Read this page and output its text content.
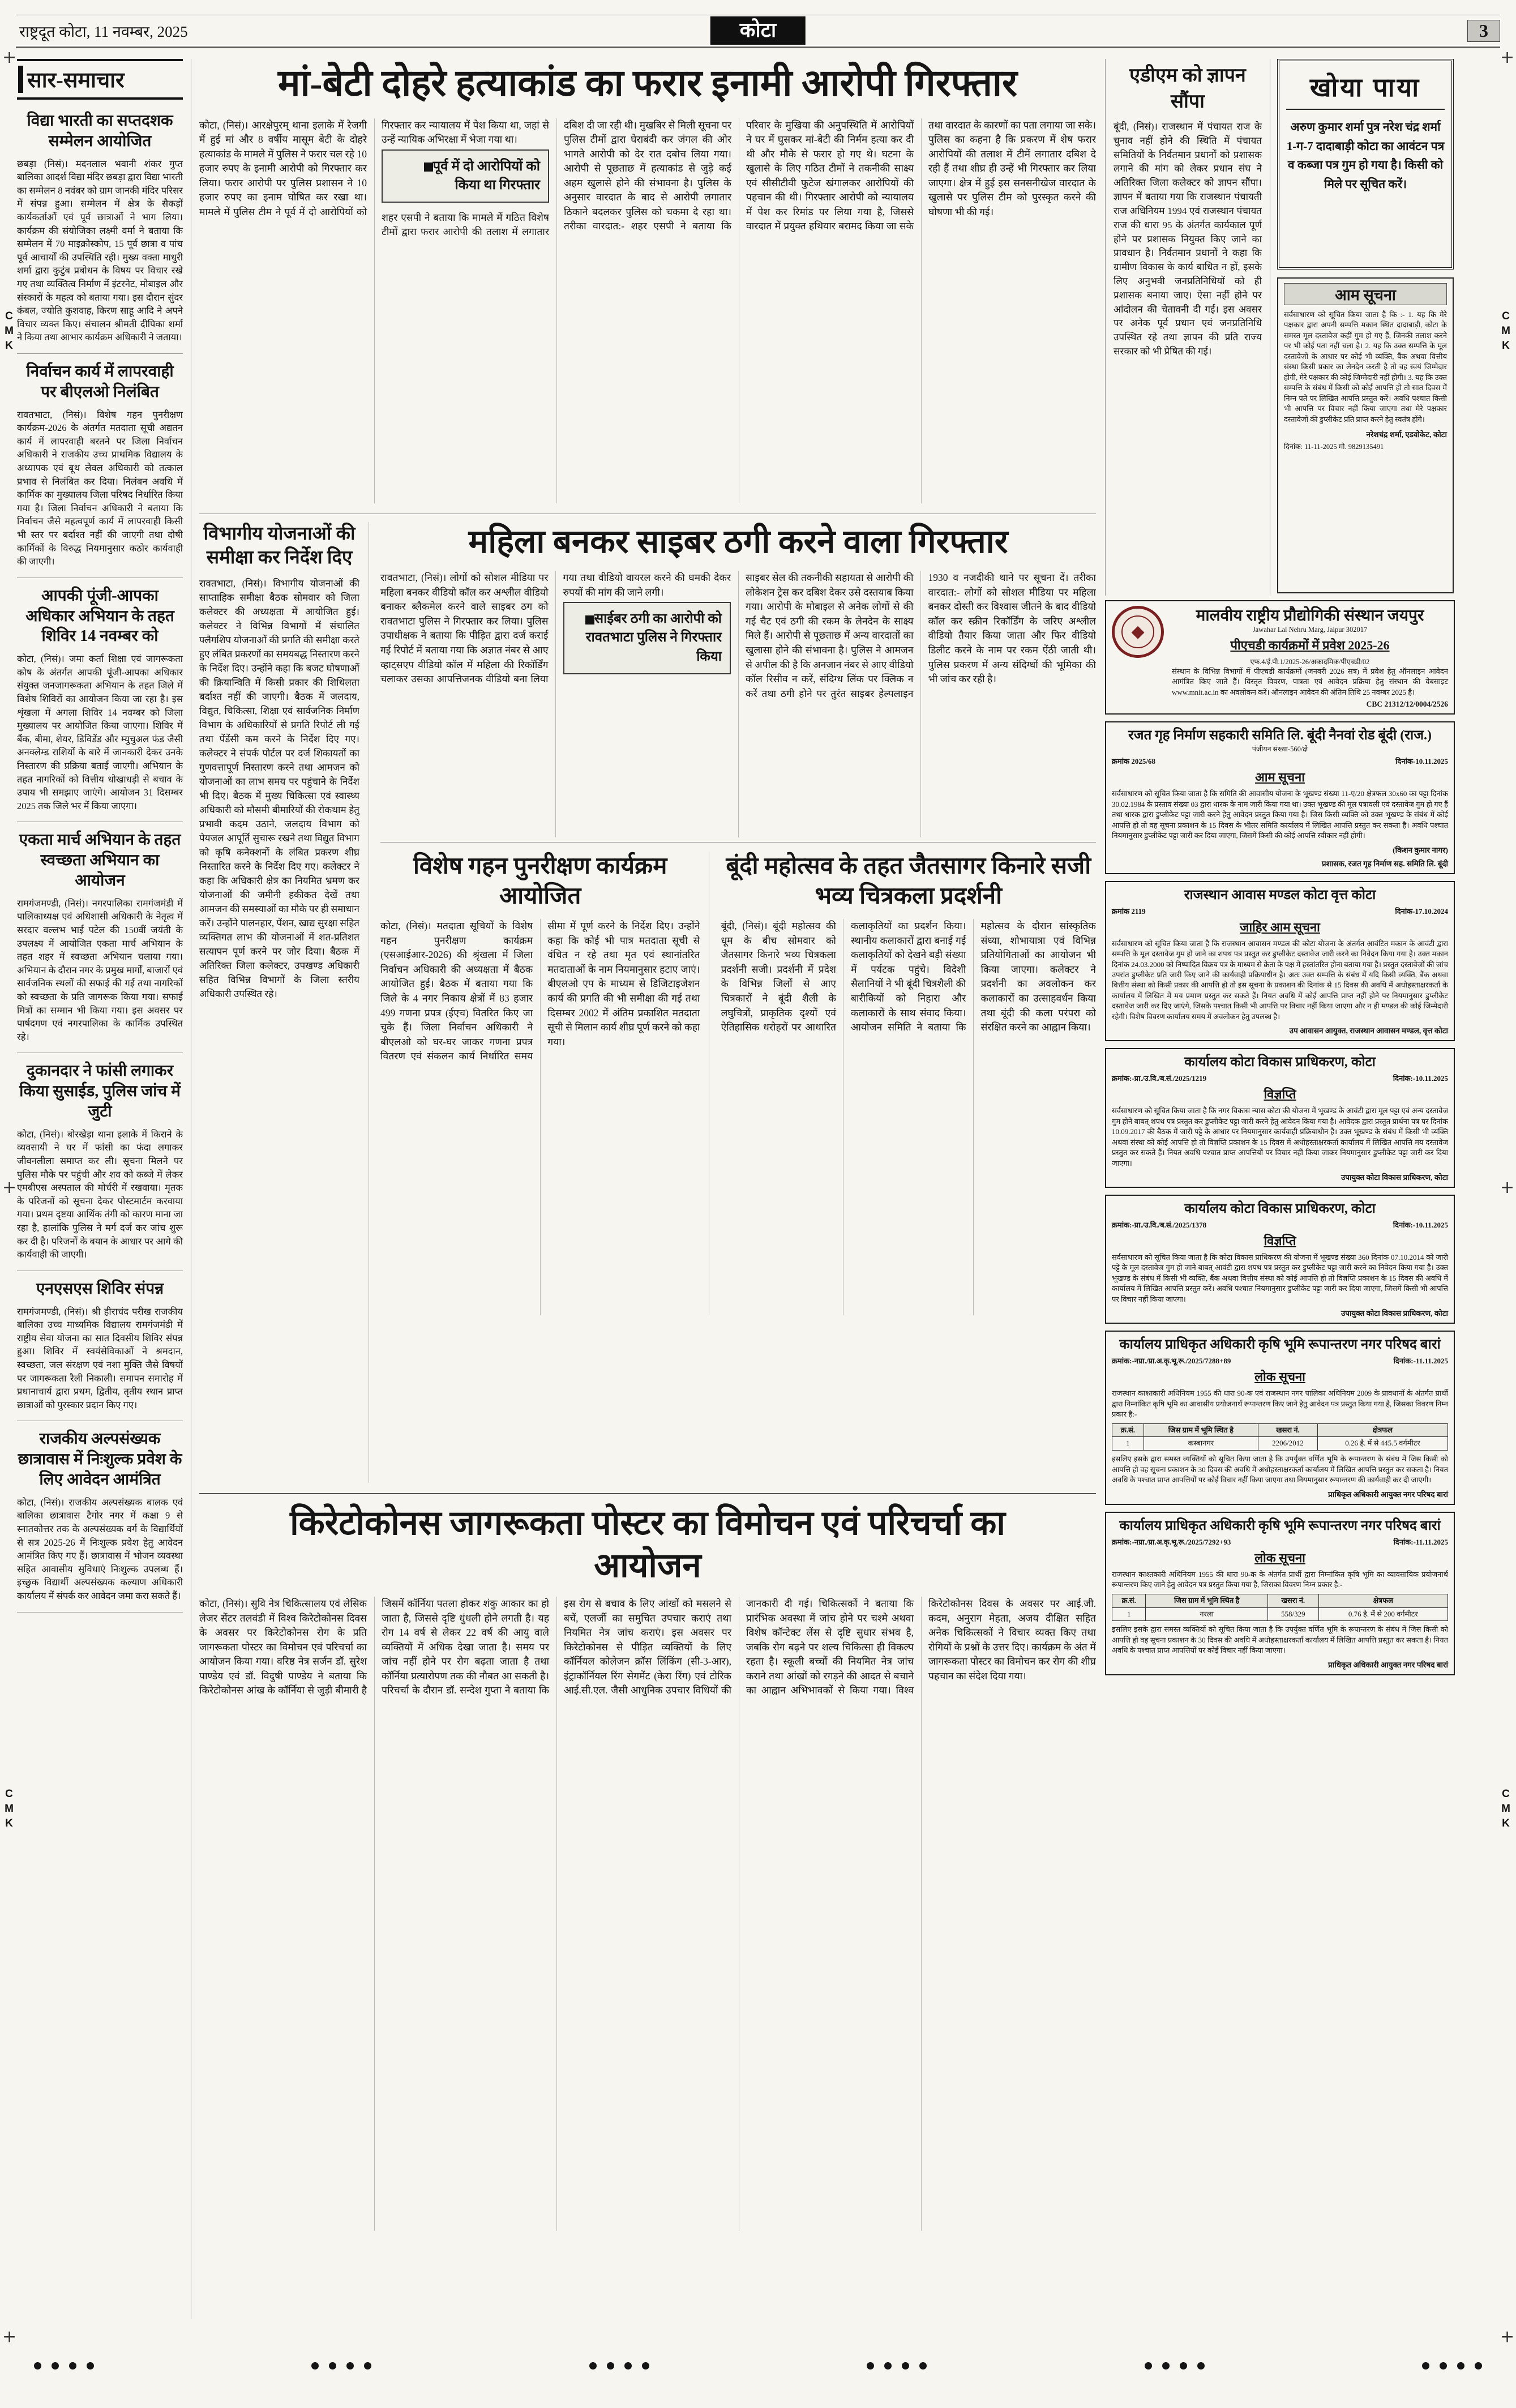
राष्ट्रदूत कोटा, 11 नवम्बर, 2025	कोटा	3
सार-समाचार
विद्या भारती का सप्तदशक सम्मेलन आयोजित

छबड़ा (निसं)। मदनलाल भवानी शंकर गुप्त बालिका आदर्श विद्या मंदिर छबड़ा द्वारा विद्या भारती का सम्मेलन 8 नवंबर को ग्राम जानकी मंदिर परिसर में संपन्न हुआ। सम्मेलन में क्षेत्र के सैकड़ों कार्यकर्ताओं एवं पूर्व छात्राओं ने भाग लिया। कार्यक्रम की संयोजिका लक्ष्मी वर्मा ने बताया कि सम्मेलन में 70 माइक्रोस्कोप, 15 पूर्व छात्रा व पांच पूर्व आचार्यों की उपस्थिति रही। मुख्य वक्ता माधुरी शर्मा द्वारा कुटुंब प्रबोधन के विषय पर विचार रखे गए तथा व्यक्तित्व निर्माण में इंटरनेट, मोबाइल और संस्कारों के महत्व को बताया गया। इस दौरान सुंदर कंबल, ज्योति कुशवाह, किरण साहू आदि ने अपने विचार व्यक्त किए। संचालन श्रीमती दीपिका शर्मा ने किया तथा आभार कार्यक्रम अधिकारी ने जताया।

निर्वाचन कार्य में लापरवाही पर बीएलओ निलंबित

रावतभाटा, (निसं)। विशेष गहन पुनरीक्षण कार्यक्रम-2026 के अंतर्गत मतदाता सूची अद्यतन कार्य में लापरवाही बरतने पर जिला निर्वाचन अधिकारी ने राजकीय उच्च प्राथमिक विद्यालय के अध्यापक एवं बूथ लेवल अधिकारी को तत्काल प्रभाव से निलंबित कर दिया। निलंबन अवधि में कार्मिक का मुख्यालय जिला परिषद निर्धारित किया गया है। जिला निर्वाचन अधिकारी ने बताया कि निर्वाचन जैसे महत्वपूर्ण कार्य में लापरवाही किसी भी स्तर पर बर्दाश्त नहीं की जाएगी तथा दोषी कार्मिकों के विरुद्ध नियमानुसार कठोर कार्यवाही की जाएगी।

आपकी पूंजी-आपका अधिकार अभियान के तहत शिविर 14 नवम्बर को

कोटा, (निसं)। जमा कर्ता शिक्षा एवं जागरूकता कोष के अंतर्गत आपकी पूंजी-आपका अधिकार संयुक्त जनजागरूकता अभियान के तहत जिले में विशेष शिविरों का आयोजन किया जा रहा है। इस शृंखला में अगला शिविर 14 नवम्बर को जिला मुख्यालय पर आयोजित किया जाएगा। शिविर में बैंक, बीमा, शेयर, डिविडेंड और म्युचुअल फंड जैसी अनक्लेम्ड राशियों के बारे में जानकारी देकर उनके निस्तारण की प्रक्रिया बताई जाएगी। अभियान के तहत नागरिकों को वित्तीय धोखाधड़ी से बचाव के उपाय भी समझाए जाएंगे। आयोजन 31 दिसम्बर 2025 तक जिले भर में किया जाएगा।

एकता मार्च अभियान के तहत स्वच्छता अभियान का आयोजन

रामगंजमण्डी, (निसं)। नगरपालिका रामगंजमंडी में पालिकाध्यक्ष एवं अधिशासी अधिकारी के नेतृत्व में सरदार वल्लभ भाई पटेल की 150वीं जयंती के उपलक्ष्य में आयोजित एकता मार्च अभियान के तहत शहर में स्वच्छता अभियान चलाया गया। अभियान के दौरान नगर के प्रमुख मार्गों, बाजारों एवं सार्वजनिक स्थलों की सफाई की गई तथा नागरिकों को स्वच्छता के प्रति जागरूक किया गया। सफाई मित्रों का सम्मान भी किया गया। इस अवसर पर पार्षदगण एवं नगरपालिका के कार्मिक उपस्थित रहे।

दुकानदार ने फांसी लगाकर किया सुसाईड, पुलिस जांच में जुटी

कोटा, (निसं)। बोरखेड़ा थाना इलाके में किराने के व्यवसायी ने घर में फांसी का फंदा लगाकर जीवनलीला समाप्त कर ली। सूचना मिलने पर पुलिस मौके पर पहुंची और शव को कब्जे में लेकर एमबीएस अस्पताल की मोर्चरी में रखवाया। मृतक के परिजनों को सूचना देकर पोस्टमार्टम करवाया गया। प्रथम दृष्टया आर्थिक तंगी को कारण माना जा रहा है, हालांकि पुलिस ने मर्ग दर्ज कर जांच शुरू कर दी है। परिजनों के बयान के आधार पर आगे की कार्यवाही की जाएगी।

एनएसएस शिविर संपन्न

रामगंजमण्डी, (निसं)। श्री हीराचंद परीख राजकीय बालिका उच्च माध्यमिक विद्यालय रामगंजमंडी में राष्ट्रीय सेवा योजना का सात दिवसीय शिविर संपन्न हुआ। शिविर में स्वयंसेविकाओं ने श्रमदान, स्वच्छता, जल संरक्षण एवं नशा मुक्ति जैसे विषयों पर जागरूकता रैली निकाली। समापन समारोह में प्रधानाचार्य द्वारा प्रथम, द्वितीय, तृतीय स्थान प्राप्त छात्राओं को पुरस्कार प्रदान किए गए।

राजकीय अल्पसंख्यक छात्रावास में निःशुल्क प्रवेश के लिए आवेदन आमंत्रित

कोटा, (निसं)। राजकीय अल्पसंख्यक बालक एवं बालिका छात्रावास टैगोर नगर में कक्षा 9 से स्नातकोत्तर तक के अल्पसंख्यक वर्ग के विद्यार्थियों से सत्र 2025-26 में निःशुल्क प्रवेश हेतु आवेदन आमंत्रित किए गए हैं। छात्रावास में भोजन व्यवस्था सहित आवासीय सुविधाएं निःशुल्क उपलब्ध हैं। इच्छुक विद्यार्थी अल्पसंख्यक कल्याण अधिकारी कार्यालय में संपर्क कर आवेदन जमा करा सकते हैं।

मां-बेटी दोहरे हत्याकांड का फरार इनामी आरोपी गिरफ्तार

कोटा, (निसं)। आरक्षेपुरम् थाना इलाके में रेजगी में हुई मां और 8 वर्षीय मासूम बेटी के दोहरे हत्याकांड के मामले में पुलिस ने फरार चल रहे 10 हजार रुपए के इनामी आरोपी को गिरफ्तार कर लिया। फरार आरोपी पर पुलिस प्रशासन ने 10 हजार रुपए का इनाम घोषित कर रखा था। मामले में पुलिस टीम ने पूर्व में दो आरोपियों को गिरफ्तार कर न्यायालय में पेश किया था, जहां से उन्हें न्यायिक अभिरक्षा में भेजा गया था।

पूर्व में दो आरोपियों को किया था गिरफ्तार

शहर एसपी ने बताया कि मामले में गठित विशेष टीमों द्वारा फरार आरोपी की तलाश में लगातार दबिश दी जा रही थी। मुखबिर से मिली सूचना पर पुलिस टीमों द्वारा घेराबंदी कर जंगल की ओर भागते आरोपी को देर रात दबोच लिया गया। आरोपी से पूछताछ में हत्याकांड से जुड़े कई अहम खुलासे होने की संभावना है। पुलिस के अनुसार वारदात के बाद से आरोपी लगातार ठिकाने बदलकर पुलिस को चकमा दे रहा था। तरीका वारदात:- शहर एसपी ने बताया कि परिवार के मुखिया की अनुपस्थिति में आरोपियों ने घर में घुसकर मां-बेटी की निर्मम हत्या कर दी थी और मौके से फरार हो गए थे। घटना के खुलासे के लिए गठित टीमों ने तकनीकी साक्ष्य एवं सीसीटीवी फुटेज खंगालकर आरोपियों की पहचान की थी। गिरफ्तार आरोपी को न्यायालय में पेश कर रिमांड पर लिया गया है, जिससे वारदात में प्रयुक्त हथियार बरामद किया जा सके तथा वारदात के कारणों का पता लगाया जा सके। पुलिस का कहना है कि प्रकरण में शेष फरार आरोपियों की तलाश में टीमें लगातार दबिश दे रही हैं तथा शीघ्र ही उन्हें भी गिरफ्तार कर लिया जाएगा। क्षेत्र में हुई इस सनसनीखेज वारदात के खुलासे पर पुलिस टीम को पुरस्कृत करने की घोषणा भी की गई।

विभागीय योजनाओं की समीक्षा कर निर्देश दिए
रावतभाटा, (निसं)। विभागीय योजनाओं की साप्ताहिक समीक्षा बैठक सोमवार को जिला कलेक्टर की अध्यक्षता में आयोजित हुई। कलेक्टर ने विभिन्न विभागों में संचालित फ्लैगशिप योजनाओं की प्रगति की समीक्षा करते हुए लंबित प्रकरणों का समयबद्ध निस्तारण करने के निर्देश दिए। उन्होंने कहा कि बजट घोषणाओं की क्रियान्विति में किसी प्रकार की शिथिलता बर्दाश्त नहीं की जाएगी। बैठक में जलदाय, विद्युत, चिकित्सा, शिक्षा एवं सार्वजनिक निर्माण विभाग के अधिकारियों से प्रगति रिपोर्ट ली गई तथा पेंडेंसी कम करने के निर्देश दिए गए। कलेक्टर ने संपर्क पोर्टल पर दर्ज शिकायतों का गुणवत्तापूर्ण निस्तारण करने तथा आमजन को योजनाओं का लाभ समय पर पहुंचाने के निर्देश भी दिए। बैठक में मुख्य चिकित्सा एवं स्वास्थ्य अधिकारी को मौसमी बीमारियों की रोकथाम हेतु प्रभावी कदम उठाने, जलदाय विभाग को पेयजल आपूर्ति सुचारू रखने तथा विद्युत विभाग को कृषि कनेक्शनों के लंबित प्रकरण शीघ्र निस्तारित करने के निर्देश दिए गए। कलेक्टर ने कहा कि अधिकारी क्षेत्र का नियमित भ्रमण कर योजनाओं की जमीनी हकीकत देखें तथा आमजन की समस्याओं का मौके पर ही समाधान करें। उन्होंने पालनहार, पेंशन, खाद्य सुरक्षा सहित व्यक्तिगत लाभ की योजनाओं में शत-प्रतिशत सत्यापन पूर्ण करने पर जोर दिया। बैठक में अतिरिक्त जिला कलेक्टर, उपखण्ड अधिकारी सहित विभिन्न विभागों के जिला स्तरीय अधिकारी उपस्थित रहे।
महिला बनकर साइबर ठगी करने वाला गिरफ्तार

रावतभाटा, (निसं)। लोगों को सोशल मीडिया पर महिला बनकर वीडियो कॉल कर अश्लील वीडियो बनाकर ब्लैकमेल करने वाले साइबर ठग को रावतभाटा पुलिस ने गिरफ्तार कर लिया। पुलिस उपाधीक्षक ने बताया कि पीड़ित द्वारा दर्ज कराई गई रिपोर्ट में बताया गया कि अज्ञात नंबर से आए व्हाट्सएप वीडियो कॉल में महिला की रिकॉर्डिंग चलाकर उसका आपत्तिजनक वीडियो बना लिया गया तथा वीडियो वायरल करने की धमकी देकर रुपयों की मांग की जाने लगी।

साईबर ठगी का आरोपी को रावतभाटा पुलिस ने गिरफ्तार किया

साइबर सेल की तकनीकी सहायता से आरोपी की लोकेशन ट्रेस कर दबिश देकर उसे दस्तयाब किया गया। आरोपी के मोबाइल से अनेक लोगों से की गई चैट एवं ठगी की रकम के लेनदेन के साक्ष्य मिले हैं। आरोपी से पूछताछ में अन्य वारदातों का खुलासा होने की संभावना है। पुलिस ने आमजन से अपील की है कि अनजान नंबर से आए वीडियो कॉल रिसीव न करें, संदिग्ध लिंक पर क्लिक न करें तथा ठगी होने पर तुरंत साइबर हेल्पलाइन 1930 व नजदीकी थाने पर सूचना दें। तरीका वारदात:- लोगों को सोशल मीडिया पर महिला बनकर दोस्ती कर विश्वास जीतने के बाद वीडियो कॉल कर स्क्रीन रिकॉर्डिंग के जरिए अश्लील वीडियो तैयार किया जाता और फिर वीडियो डिलीट करने के नाम पर रकम ऐंठी जाती थी। पुलिस प्रकरण में अन्य संदिग्धों की भूमिका की भी जांच कर रही है।

विशेष गहन पुनरीक्षण कार्यक्रम आयोजित
कोटा, (निसं)। मतदाता सूचियों के विशेष गहन पुनरीक्षण कार्यक्रम (एसआईआर-2026) की श्रृंखला में जिला निर्वाचन अधिकारी की अध्यक्षता में बैठक आयोजित हुई। बैठक में बताया गया कि जिले के 4 नगर निकाय क्षेत्रों में 83 हजार 499 गणना प्रपत्र (ईएच) वितरित किए जा चुके हैं। जिला निर्वाचन अधिकारी ने बीएलओ को घर-घर जाकर गणना प्रपत्र वितरण एवं संकलन कार्य निर्धारित समय सीमा में पूर्ण करने के निर्देश दिए। उन्होंने कहा कि कोई भी पात्र मतदाता सूची से वंचित न रहे तथा मृत एवं स्थानांतरित मतदाताओं के नाम नियमानुसार हटाए जाएं। बीएलओ एप के माध्यम से डिजिटाइजेशन कार्य की प्रगति की भी समीक्षा की गई तथा दिसम्बर 2002 में अंतिम प्रकाशित मतदाता सूची से मिलान कार्य शीघ्र पूर्ण करने को कहा गया।
बूंदी महोत्सव के तहत जैतसागर किनारे सजी भव्य चित्रकला प्रदर्शनी
बूंदी, (निसं)। बूंदी महोत्सव की धूम के बीच सोमवार को जैतसागर किनारे भव्य चित्रकला प्रदर्शनी सजी। प्रदर्शनी में प्रदेश के विभिन्न जिलों से आए चित्रकारों ने बूंदी शैली के लघुचित्रों, प्राकृतिक दृश्यों एवं ऐतिहासिक धरोहरों पर आधारित कलाकृतियों का प्रदर्शन किया। स्थानीय कलाकारों द्वारा बनाई गई कलाकृतियों को देखने बड़ी संख्या में पर्यटक पहुंचे। विदेशी सैलानियों ने भी बूंदी चित्रशैली की बारीकियों को निहारा और कलाकारों के साथ संवाद किया। आयोजन समिति ने बताया कि महोत्सव के दौरान सांस्कृतिक संध्या, शोभायात्रा एवं विभिन्न प्रतियोगिताओं का आयोजन भी किया जाएगा। कलेक्टर ने प्रदर्शनी का अवलोकन कर कलाकारों का उत्साहवर्धन किया तथा बूंदी की कला परंपरा को संरक्षित करने का आह्वान किया।
किरेटोकोनस जागरूकता पोस्टर का विमोचन एवं परिचर्चा का आयोजन
कोटा, (निसं)। सुवि नेत्र चिकित्सालय एवं लेसिक लेजर सेंटर तलवंडी में विश्व किरेटोकोनस दिवस के अवसर पर किरेटोकोनस रोग के प्रति जागरूकता पोस्टर का विमोचन एवं परिचर्चा का आयोजन किया गया। वरिष्ठ नेत्र सर्जन डॉ. सुरेश पाण्डेय एवं डॉ. विदुषी पाण्डेय ने बताया कि किरेटोकोनस आंख के कॉर्निया से जुड़ी बीमारी है जिसमें कॉर्निया पतला होकर शंकु आकार का हो जाता है, जिससे दृष्टि धुंधली होने लगती है। यह रोग 14 वर्ष से लेकर 22 वर्ष की आयु वाले व्यक्तियों में अधिक देखा जाता है। समय पर जांच नहीं होने पर रोग बढ़ता जाता है तथा कॉर्निया प्रत्यारोपण तक की नौबत आ सकती है। परिचर्चा के दौरान डॉ. सन्देश गुप्ता ने बताया कि इस रोग से बचाव के लिए आंखों को मसलने से बचें, एलर्जी का समुचित उपचार कराएं तथा नियमित नेत्र जांच कराएं। इस अवसर पर किरेटोकोनस से पीड़ित व्यक्तियों के लिए कॉर्नियल कोलेजन क्रॉस लिंकिंग (सी-3-आर), इंट्राकॉर्नियल रिंग सेगमेंट (केरा रिंग) एवं टोरिक आई.सी.एल. जैसी आधुनिक उपचार विधियों की जानकारी दी गई। चिकित्सकों ने बताया कि प्रारंभिक अवस्था में जांच होने पर चश्मे अथवा विशेष कॉन्टेक्ट लेंस से दृष्टि सुधार संभव है, जबकि रोग बढ़ने पर शल्य चिकित्सा ही विकल्प रहता है। स्कूली बच्चों की नियमित नेत्र जांच कराने तथा आंखों को रगड़ने की आदत से बचाने का आह्वान अभिभावकों से किया गया। विश्व किरेटोकोनस दिवस के अवसर पर आई.जी. कदम, अनुराग मेहता, अजय दीक्षित सहित अनेक चिकित्सकों ने विचार व्यक्त किए तथा रोगियों के प्रश्नों के उत्तर दिए। कार्यक्रम के अंत में जागरूकता पोस्टर का विमोचन कर रोग की शीघ्र पहचान का संदेश दिया गया।
एडीएम को ज्ञापन सौंपा

बूंदी, (निसं)। राजस्थान में पंचायत राज के चुनाव नहीं होने की स्थिति में पंचायत समितियों के निर्वतमान प्रधानों को प्रशासक लगाने की मांग को लेकर प्रधान संघ ने अतिरिक्त जिला कलेक्टर को ज्ञापन सौंपा। ज्ञापन में बताया गया कि राजस्थान पंचायती राज अधिनियम 1994 एवं राजस्थान पंचायत राज की धारा 95 के अंतर्गत कार्यकाल पूर्ण होने पर प्रशासक नियुक्त किए जाने का प्रावधान है। निर्वतमान प्रधानों ने कहा कि ग्रामीण विकास के कार्य बाधित न हों, इसके लिए अनुभवी जनप्रतिनिधियों को ही प्रशासक बनाया जाए। ऐसा नहीं होने पर आंदोलन की चेतावनी दी गई। इस अवसर पर अनेक पूर्व प्रधान एवं जनप्रतिनिधि उपस्थित रहे तथा ज्ञापन की प्रति राज्य सरकार को भी प्रेषित की गई।

खोया पाया
अरुण कुमार शर्मा पुत्र नरेश चंद्र शर्मा 1-ग-7 दादाबाड़ी कोटा का आवंटन पत्र व कब्जा पत्र गुम हो गया है। किसी को मिले पर सूचित करें।
आम सूचना
सर्वसाधारण को सूचित किया जाता है कि :- 1. यह कि मेरे पक्षकार द्वारा अपनी सम्पत्ति मकान स्थित दादाबाड़ी, कोटा के समस्त मूल दस्तावेज कहीं गुम हो गए हैं, जिनकी तलाश करने पर भी कोई पता नहीं चला है। 2. यह कि उक्त सम्पत्ति के मूल दस्तावेजों के आधार पर कोई भी व्यक्ति, बैंक अथवा वित्तीय संस्था किसी प्रकार का लेनदेन करती है तो वह स्वयं जिम्मेदार होगी, मेरे पक्षकार की कोई जिम्मेदारी नहीं होगी। 3. यह कि उक्त सम्पत्ति के संबंध में किसी को कोई आपत्ति हो तो सात दिवस में निम्न पते पर लिखित आपत्ति प्रस्तुत करें। अवधि पश्चात किसी भी आपत्ति पर विचार नहीं किया जाएगा तथा मेरे पक्षकार दस्तावेजों की डुप्लीकेट प्रति प्राप्त करने हेतु स्वतंत्र होंगे।
नरेशचंद्र शर्मा, एडवोकेट, कोटा
दिनांक: 11-11-2025 मो. 9829135491
◆
मालवीय राष्ट्रीय प्रौद्योगिकी संस्थान जयपुर
Jawahar Lal Nehru Marg, Jaipur 302017
पीएचडी कार्यक्रमों में प्रवेश 2025-26
एफ.4/ई.पी.1/2025-26/अकादमिक/पीएचडी/02
संस्थान के विभिन्न विभागों में पीएचडी कार्यक्रमों (जनवरी 2026 सत्र) में प्रवेश हेतु ऑनलाइन आवेदन आमंत्रित किए जाते हैं। विस्तृत विवरण, पात्रता एवं आवेदन प्रक्रिया हेतु संस्थान की वेबसाइट www.mnit.ac.in का अवलोकन करें। ऑनलाइन आवेदन की अंतिम तिथि 25 नवम्बर 2025 है।
CBC 21312/12/0004/2526
रजत गृह निर्माण सहकारी समिति लि. बूंदी नैनवां रोड बूंदी (राज.)
पंजीयन संख्या-560/क्षे
क्रमांक 2025/68	दिनांक-10.11.2025
आम सूचना
सर्वसाधारण को सूचित किया जाता है कि समिति की आवासीय योजना के भूखण्ड संख्या 11-ए/20 क्षेत्रफल 30x60 का पट्टा दिनांक 30.02.1984 के प्रस्ताव संख्या 03 द्वारा धारक के नाम जारी किया गया था। उक्त भूखण्ड की मूल पत्रावली एवं दस्तावेज गुम हो गए हैं तथा धारक द्वारा डुप्लीकेट पट्टा जारी करने हेतु आवेदन प्रस्तुत किया गया है। जिस किसी व्यक्ति को उक्त भूखण्ड के संबंध में कोई आपत्ति हो तो वह सूचना प्रकाशन के 15 दिवस के भीतर समिति कार्यालय में लिखित आपत्ति प्रस्तुत कर सकता है। अवधि पश्चात नियमानुसार डुप्लीकेट पट्टा जारी कर दिया जाएगा, जिसमें किसी की कोई आपत्ति स्वीकार नहीं होगी।
(किशन कुमार नागर)
प्रशासक, रजत गृह निर्माण सह. समिति लि. बूंदी
राजस्थान आवास मण्डल कोटा वृत्त कोटा
क्रमांक 2119	दिनांक-17.10.2024
जाहिर आम सूचना
सर्वसाधारण को सूचित किया जाता है कि राजस्थान आवासन मण्डल की कोटा योजना के अंतर्गत आवंटित मकान के आवंटी द्वारा सम्पत्ति के मूल दस्तावेज गुम हो जाने का शपथ पत्र प्रस्तुत कर डुप्लीकेट दस्तावेज जारी करने का निवेदन किया गया है। उक्त मकान दिनांक 24.03.2000 को निष्पादित विक्रय पत्र के माध्यम से क्रेता के पक्ष में हस्तांतरित होना बताया गया है। प्रस्तुत दस्तावेजों की जांच उपरांत डुप्लीकेट प्रति जारी किए जाने की कार्यवाही प्रक्रियाधीन है। अतः उक्त सम्पत्ति के संबंध में यदि किसी व्यक्ति, बैंक अथवा वित्तीय संस्था को किसी प्रकार की आपत्ति हो तो इस सूचना के प्रकाशन की दिनांक से 15 दिवस की अवधि में अधोहस्ताक्षरकर्ता के कार्यालय में लिखित में मय प्रमाण प्रस्तुत कर सकते हैं। नियत अवधि में कोई आपत्ति प्राप्त नहीं होने पर नियमानुसार डुप्लीकेट दस्तावेज जारी कर दिए जाएंगे, जिसके पश्चात किसी भी आपत्ति पर विचार नहीं किया जाएगा और न ही मण्डल की कोई जिम्मेदारी रहेगी। विशेष विवरण कार्यालय समय में अवलोकन हेतु उपलब्ध है।
उप आवासन आयुक्त, राजस्थान आवासन मण्डल, वृत्त कोटा
कार्यालय कोटा विकास प्राधिकरण, कोटा
क्रमांक:-प्रा./उ.वि./ब.सं./2025/1219	दिनांक:-10.11.2025
विज्ञप्ति
सर्वसाधारण को सूचित किया जाता है कि नगर विकास न्यास कोटा की योजना में भूखण्ड के आवंटी द्वारा मूल पट्टा एवं अन्य दस्तावेज गुम होने बाबत् शपथ पत्र प्रस्तुत कर डुप्लीकेट पट्टा जारी करने हेतु आवेदन किया गया है। आवेदक द्वारा प्रस्तुत प्रार्थना पत्र पर दिनांक 10.09.2017 की बैठक में जारी पट्टे के आधार पर नियमानुसार कार्यवाही प्रक्रियाधीन है। उक्त भूखण्ड के संबंध में किसी भी व्यक्ति अथवा संस्था को कोई आपत्ति हो तो विज्ञप्ति प्रकाशन के 15 दिवस में अधोहस्ताक्षरकर्ता कार्यालय में लिखित आपत्ति मय दस्तावेज प्रस्तुत कर सकते हैं। नियत अवधि पश्चात प्राप्त आपत्तियों पर विचार नहीं किया जाकर नियमानुसार डुप्लीकेट पट्टा जारी कर दिया जाएगा।
उपायुक्त कोटा विकास प्राधिकरण, कोटा
कार्यालय कोटा विकास प्राधिकरण, कोटा
क्रमांक:-प्रा./उ.वि./ब.सं./2025/1378	दिनांक:-10.11.2025
विज्ञप्ति
सर्वसाधारण को सूचित किया जाता है कि कोटा विकास प्राधिकरण की योजना में भूखण्ड संख्या 360 दिनांक 07.10.2014 को जारी पट्टे के मूल दस्तावेज गुम हो जाने बाबत् आवंटी द्वारा शपथ पत्र प्रस्तुत कर डुप्लीकेट पट्टा जारी करने का निवेदन किया गया है। उक्त भूखण्ड के संबंध में किसी भी व्यक्ति, बैंक अथवा वित्तीय संस्था को कोई आपत्ति हो तो विज्ञप्ति प्रकाशन के 15 दिवस की अवधि में कार्यालय में लिखित आपत्ति प्रस्तुत करें। अवधि पश्चात नियमानुसार डुप्लीकेट पट्टा जारी कर दिया जाएगा, जिसमें किसी भी आपत्ति पर विचार नहीं किया जाएगा।
उपायुक्त कोटा विकास प्राधिकरण, कोटा
कार्यालय प्राधिकृत अधिकारी कृषि भूमि रूपान्तरण नगर परिषद बारां
क्रमांक:-नप्रा./प्रा.अ.कृ.भू.रू./2025/7288+89	दिनांक:-11.11.2025
लोक सूचना
राजस्थान काश्तकारी अधिनियम 1955 की धारा 90-क एवं राजस्थान नगर पालिका अधिनियम 2009 के प्रावधानों के अंतर्गत प्रार्थी द्वारा निम्नांकित कृषि भूमि का आवासीय प्रयोजनार्थ रूपान्तरण किए जाने हेतु आवेदन पत्र प्रस्तुत किया गया है, जिसका विवरण निम्न प्रकार है:-
क्र.सं.	जिस ग्राम में भूमि स्थित है	खसरा नं.	क्षेत्रफल
1	कस्बानगर	2206/2012	0.26 है. में से 445.5 वर्गमीटर
इसलिए इसके द्वारा समस्त व्यक्तियों को सूचित किया जाता है कि उपर्युक्त वर्णित भूमि के रूपान्तरण के संबंध में जिस किसी को आपत्ति हो वह सूचना प्रकाशन के 30 दिवस की अवधि में अधोहस्ताक्षरकर्ता कार्यालय में लिखित आपत्ति प्रस्तुत कर सकता है। नियत अवधि के पश्चात प्राप्त आपत्तियों पर कोई विचार नहीं किया जाएगा तथा नियमानुसार रूपान्तरण की कार्यवाही कर दी जाएगी।
प्राधिकृत अधिकारी आयुक्त नगर परिषद बारां
कार्यालय प्राधिकृत अधिकारी कृषि भूमि रूपान्तरण नगर परिषद बारां
क्रमांक:-नप्रा./प्रा.अ.कृ.भू.रू./2025/7292+93	दिनांक:-11.11.2025
लोक सूचना
राजस्थान काश्तकारी अधिनियम 1955 की धारा 90-क के अंतर्गत प्रार्थी द्वारा निम्नांकित कृषि भूमि का व्यावसायिक प्रयोजनार्थ रूपान्तरण किए जाने हेतु आवेदन पत्र प्रस्तुत किया गया है, जिसका विवरण निम्न प्रकार है:-
क्र.सं.	जिस ग्राम में भूमि स्थित है	खसरा नं.	क्षेत्रफल
1	नरला	558/329	0.76 है. में से 200 वर्गमीटर
इसलिए इसके द्वारा समस्त व्यक्तियों को सूचित किया जाता है कि उपर्युक्त वर्णित भूमि के रूपान्तरण के संबंध में जिस किसी को आपत्ति हो वह सूचना प्रकाशन के 30 दिवस की अवधि में अधोहस्ताक्षरकर्ता कार्यालय में लिखित आपत्ति प्रस्तुत कर सकता है। नियत अवधि के पश्चात प्राप्त आपत्तियों पर कोई विचार नहीं किया जाएगा।
प्राधिकृत अधिकारी आयुक्त नगर परिषद बारां
C
M
K
C
M
K
C
M
K
C
M
K
+
+
+
+
+
+
